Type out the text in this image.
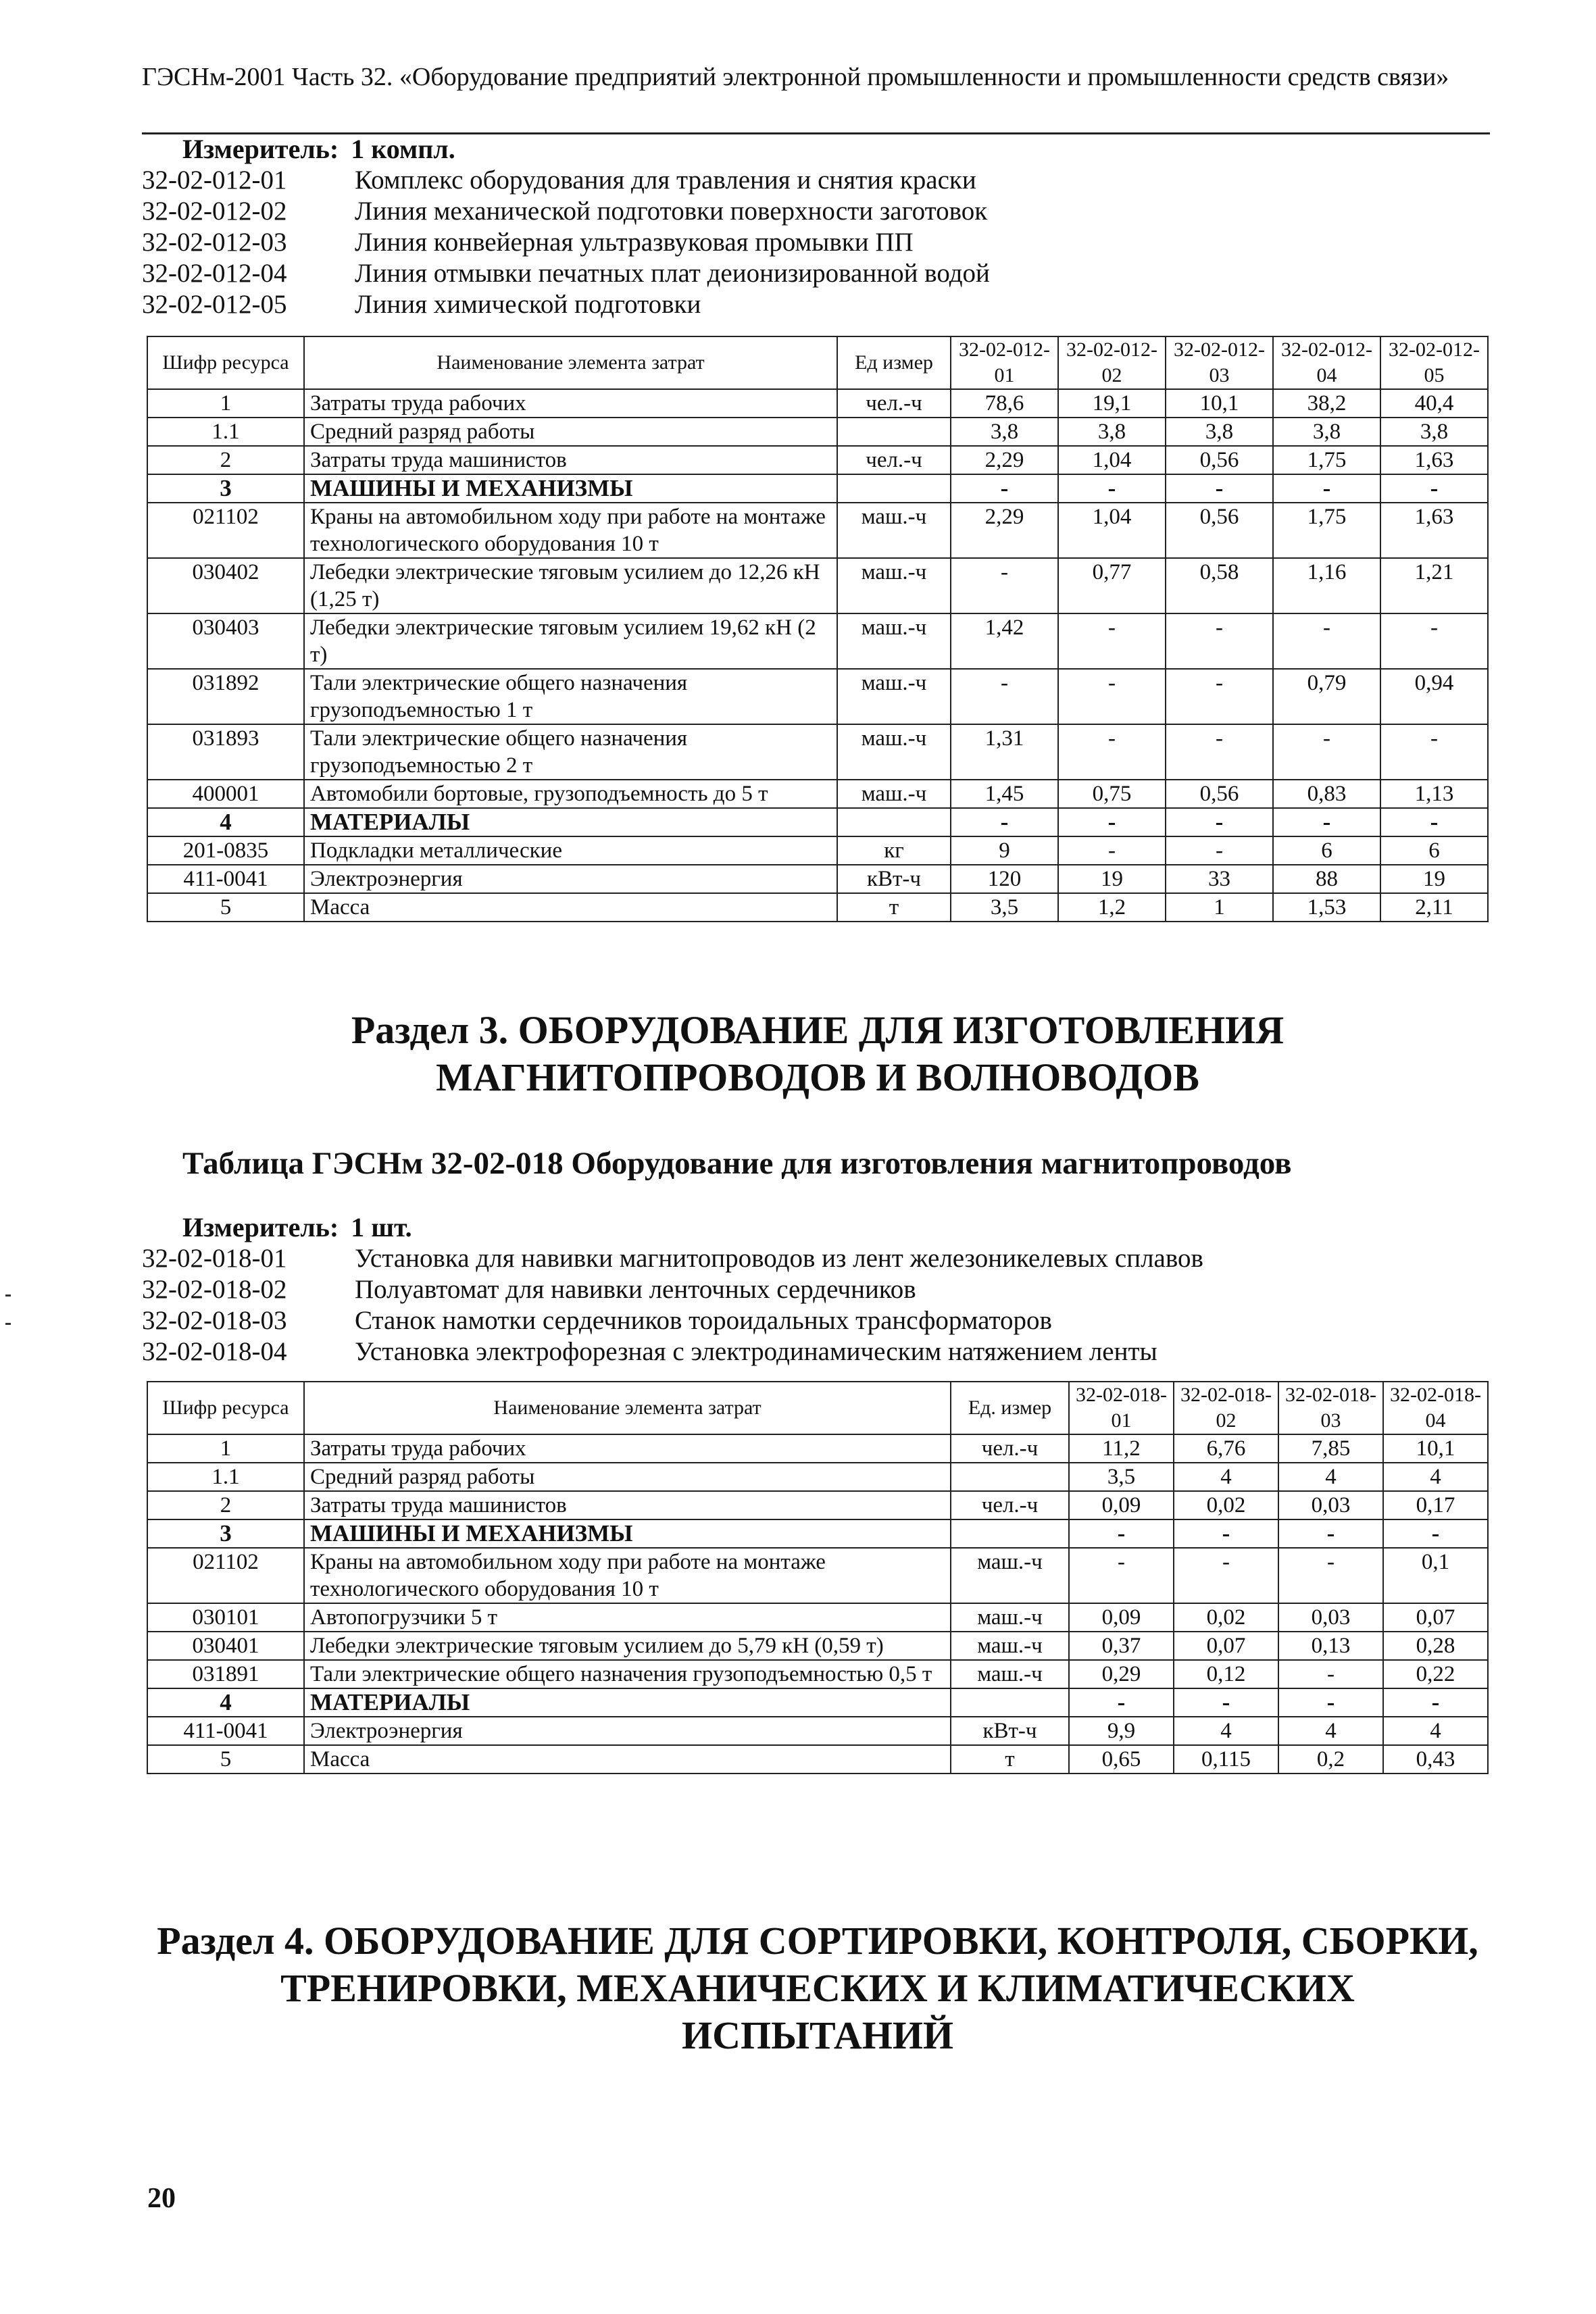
ГЭСНм-2001 Часть 32. «Оборудование предприятий электронной промышленности и промышленности средств связи»
Измеритель: 1 компл.
32-02-012-01	Комплекс оборудования для травления и снятия краски
32-02-012-02	Линия механической подготовки поверхности заготовок
32-02-012-03	Линия конвейерная ультразвуковая промывки ПП
32-02-012-04	Линия отмывки печатных плат деионизированной водой
32-02-012-05	Линия химической подготовки
Шифр ресурса	Наименование элемента затрат	Ед измер	32-02-012-01	32-02-012-02	32-02-012-03	32-02-012-04	32-02-012-05
1	Затраты труда рабочих	чел.-ч	78,6	19,1	10,1	38,2	40,4
1.1	Средний разряд работы		3,8	3,8	3,8	3,8	3,8
2	Затраты труда машинистов	чел.-ч	2,29	1,04	0,56	1,75	1,63
3	МАШИНЫ И МЕХАНИЗМЫ		-	-	-	-	-
021102	Краны на автомобильном ходу при работе на монтаже технологического оборудования 10 т	маш.-ч	2,29	1,04	0,56	1,75	1,63
030402	Лебедки электрические тяговым усилием до 12,26 кН (1,25 т)	маш.-ч	-	0,77	0,58	1,16	1,21
030403	Лебедки электрические тяговым усилием 19,62 кН (2 т)	маш.-ч	1,42	-	-	-	-
031892	Тали электрические общего назначения грузоподъемностью 1 т	маш.-ч	-	-	-	0,79	0,94
031893	Тали электрические общего назначения грузоподъемностью 2 т	маш.-ч	1,31	-	-	-	-
400001	Автомобили бортовые, грузоподъемность до 5 т	маш.-ч	1,45	0,75	0,56	0,83	1,13
4	МАТЕРИАЛЫ		-	-	-	-	-
201-0835	Подкладки металлические	кг	9	-	-	6	6
411-0041	Электроэнергия	кВт-ч	120	19	33	88	19
5	Масса	т	3,5	1,2	1	1,53	2,11
Раздел 3. ОБОРУДОВАНИЕ ДЛЯ ИЗГОТОВЛЕНИЯ
МАГНИТОПРОВОДОВ И ВОЛНОВОДОВ
Таблица ГЭСНм 32-02-018 Оборудование для изготовления магнитопроводов
Измеритель: 1 шт.
32-02-018-01	Установка для навивки магнитопроводов из лент железоникелевых сплавов
32-02-018-02	Полуавтомат для навивки ленточных сердечников
32-02-018-03	Станок намотки сердечников тороидальных трансформаторов
32-02-018-04	Установка электрофорезная с электродинамическим натяжением ленты
Шифр ресурса	Наименование элемента затрат	Ед. измер	32-02-018-01	32-02-018-02	32-02-018-03	32-02-018-04
1	Затраты труда рабочих	чел.-ч	11,2	6,76	7,85	10,1
1.1	Средний разряд работы		3,5	4	4	4
2	Затраты труда машинистов	чел.-ч	0,09	0,02	0,03	0,17
3	МАШИНЫ И МЕХАНИЗМЫ		-	-	-	-
021102	Краны на автомобильном ходу при работе на монтаже технологического оборудования 10 т	маш.-ч	-	-	-	0,1
030101	Автопогрузчики 5 т	маш.-ч	0,09	0,02	0,03	0,07
030401	Лебедки электрические тяговым усилием до 5,79 кН (0,59 т)	маш.-ч	0,37	0,07	0,13	0,28
031891	Тали электрические общего назначения грузоподъемностью 0,5 т	маш.-ч	0,29	0,12	-	0,22
4	МАТЕРИАЛЫ		-	-	-	-
411-0041	Электроэнергия	кВт-ч	9,9	4	4	4
5	Масса	т	0,65	0,115	0,2	0,43
Раздел 4. ОБОРУДОВАНИЕ ДЛЯ СОРТИРОВКИ, КОНТРОЛЯ, СБОРКИ,
ТРЕНИРОВКИ, МЕХАНИЧЕСКИХ И КЛИМАТИЧЕСКИХ
ИСПЫТАНИЙ
20
